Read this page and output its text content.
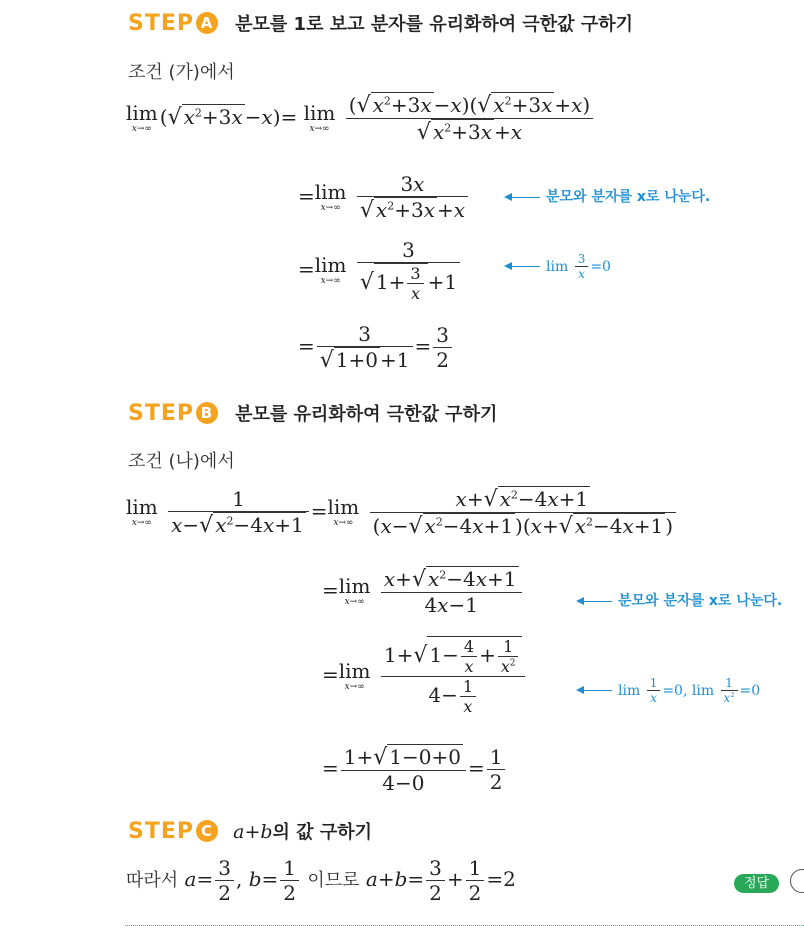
STEP A 분모를 1로 보고 분자를 유리화하여 극한값 구하기
조건 (가)에서
lim
x→∞ (√ $x^2+3x -x)= \lim$
x→∞
$\frac{(√ x^2+3x -x)(√ x^2+3x +x)}{√ x^2+3x +x}$
=lim
x→∞
$\frac{3x}{√ x^2+3x +x}$	분모와 분자를 x로 나눈다.
=lim
x→∞
$\frac{3}{√ 1+ \frac{3}{x} +1}$	$\lim \frac{3}{x} =0$
= $\frac{3}{√ 1+0 +1} = \frac{3}{2}$
STEP B 분모를 유리화하여 극한값 구하기
조건 (나)에서
lim
x→∞
$\frac{1}{x-√ x^2-4x+1} =\lim$
x→∞
$\frac{x+√ x^2-4x+1}{(x-√ x^2-4x+1 )(x+√ x^2-4x+1 )}$
=lim
x→∞
$\frac{x+√ x^2-4x+1}{4x-1}$	분모와 분자를 x로 나눈다.
=lim
x→∞
$\frac{1+√ 1- \frac{4}{x} + \frac{1}{x^2}}{4- \frac{1}{x}}$	$\lim \frac{1}{x} =0$, $\lim \frac{1}{x^2} =0$
= $\frac{1+√ 1-0+0}{4-0} = \frac{1}{2}$
STEP C a+b의 값 구하기
따라서 $a= \frac{3}{2}$ , $b= \frac{1}{2}$ 이므로 $a+b= \frac{3}{2} + \frac{1}{2} =2$	정답
